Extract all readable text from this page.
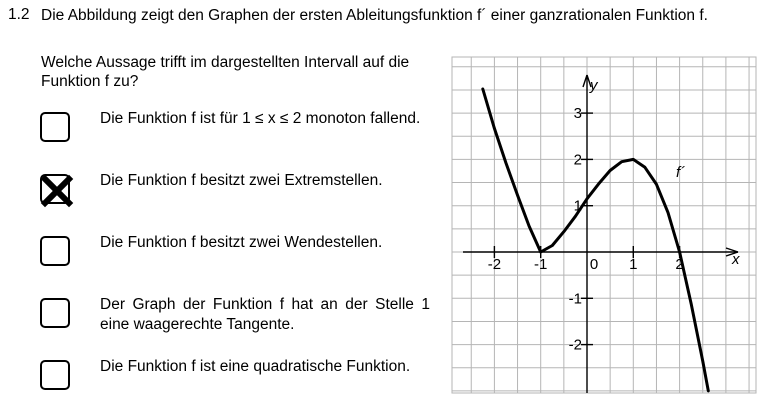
1.2 Die Abbildung zeigt den Graphen der ersten Ableitungsfunktion f´ einer ganzrationalen Funktion f.
Welche Aussage trifft im dargestellten Intervall auf die Funktion f zu?
Die Funktion f ist für 1 ≤ x ≤ 2 monoton fallend.
Die Funktion f besitzt zwei Extremstellen.
Die Funktion f besitzt zwei Wendestellen.
Der Graph der Funktion f hat an der Stelle 1 eine waagerechte Tangente.
Die Funktion f ist eine quadratische Funktion.
-2 -1	0 1	2
3
2
1
-1
-2
f´
x
y
